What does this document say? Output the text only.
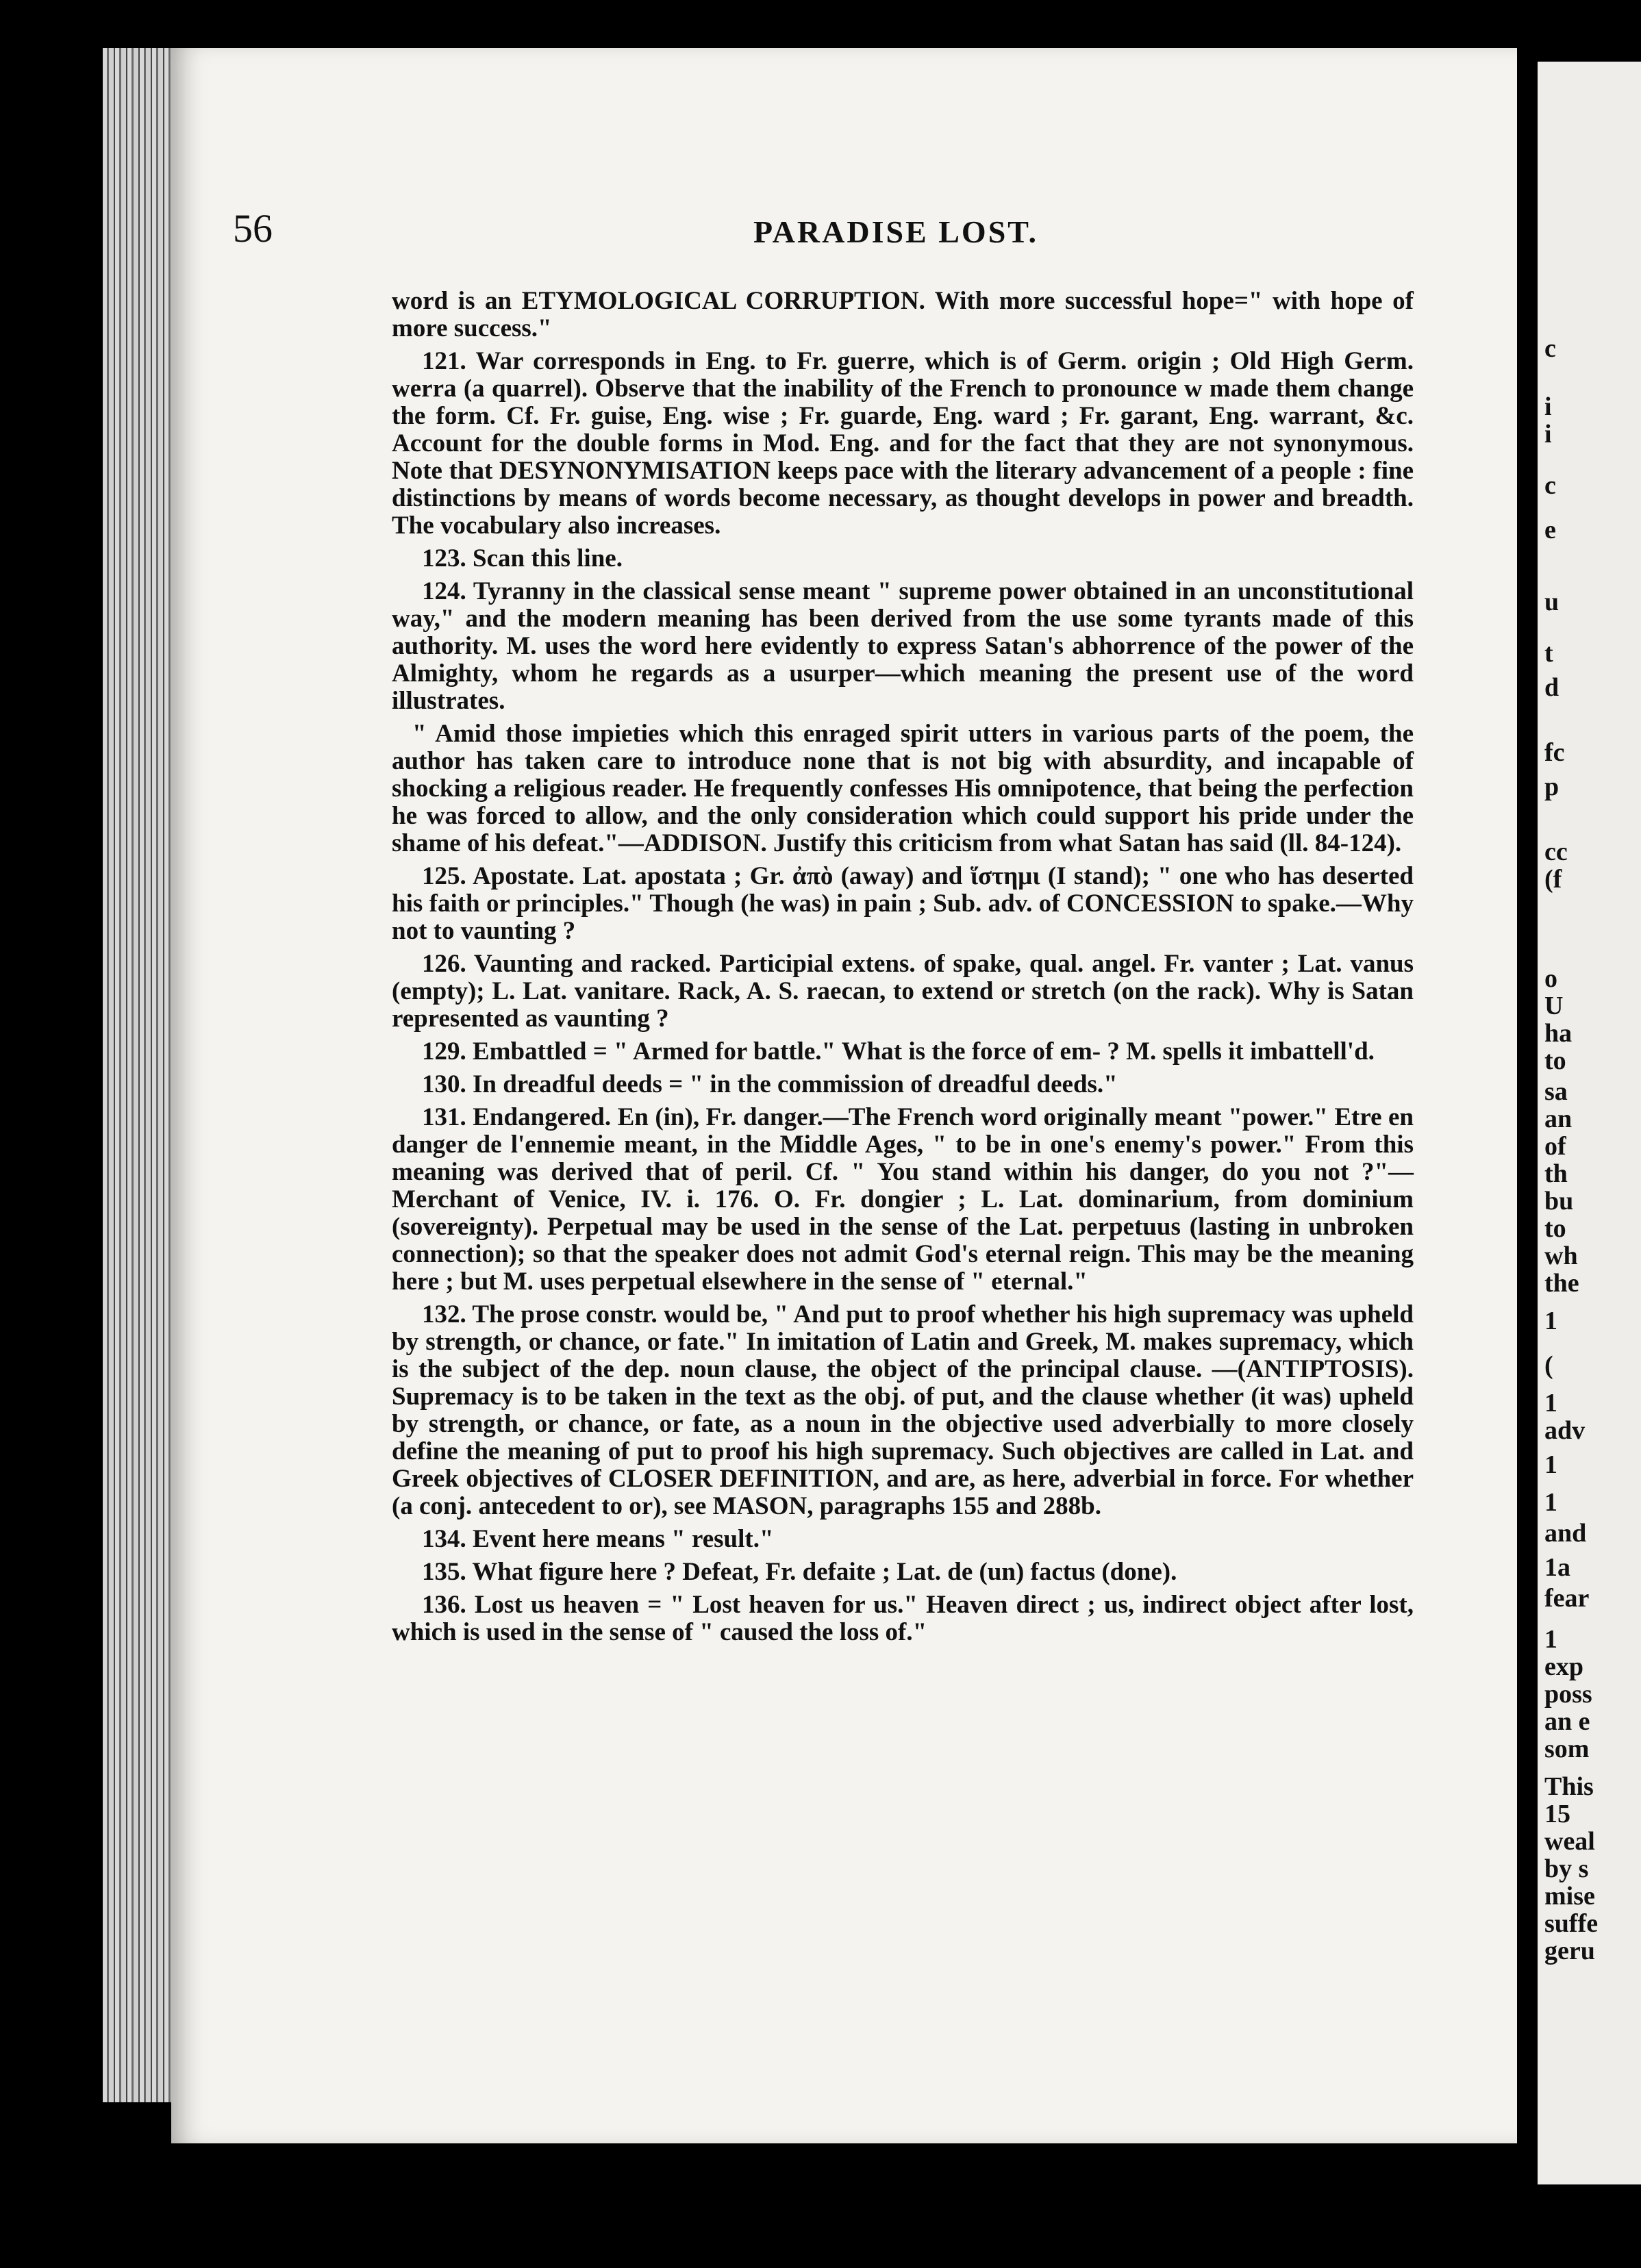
56	PARADISE LOST.

word is an ETYMOLOGICAL CORRUPTION. With more successful hope=" with hope of more success."

121. War corresponds in Eng. to Fr. guerre, which is of Germ. origin ; Old High Germ. werra (a quarrel). Observe that the inability of the French to pronounce w made them change the form. Cf. Fr. guise, Eng. wise ; Fr. guarde, Eng. ward ; Fr. garant, Eng. warrant, &c. Account for the double forms in Mod. Eng. and for the fact that they are not synonymous. Note that DESYNONYMISATION keeps pace with the literary advancement of a people : fine distinctions by means of words become necessary, as thought develops in power and breadth. The vocabulary also increases.

123. Scan this line.

124. Tyranny in the classical sense meant " supreme power obtained in an unconstitutional way," and the modern meaning has been derived from the use some tyrants made of this authority. M. uses the word here evidently to express Satan's abhorrence of the power of the Almighty, whom he regards as a usurper—which meaning the present use of the word illustrates.

" Amid those impieties which this enraged spirit utters in various parts of the poem, the author has taken care to introduce none that is not big with absurdity, and incapable of shocking a religious reader. He frequently confesses His omnipotence, that being the perfection he was forced to allow, and the only consideration which could support his pride under the shame of his defeat."—ADDISON. Justify this criticism from what Satan has said (ll. 84-124).

125. Apostate. Lat. apostata ; Gr. ἀπὸ (away) and ἵστημι (I stand); " one who has deserted his faith or principles." Though (he was) in pain ; Sub. adv. of CONCESSION to spake.—Why not to vaunting ?

126. Vaunting and racked. Participial extens. of spake, qual. angel. Fr. vanter ; Lat. vanus (empty); L. Lat. vanitare. Rack, A. S. raecan, to extend or stretch (on the rack). Why is Satan represented as vaunting ?

129. Embattled = " Armed for battle." What is the force of em- ? M. spells it imbattell'd.

130. In dreadful deeds = " in the commission of dreadful deeds."

131. Endangered. En (in), Fr. danger.—The French word originally meant "power." Etre en danger de l'ennemie meant, in the Middle Ages, " to be in one's enemy's power." From this meaning was derived that of peril. Cf. " You stand within his danger, do you not ?"—Merchant of Venice, IV. i. 176. O. Fr. dongier ; L. Lat. dominarium, from dominium (sovereignty). Perpetual may be used in the sense of the Lat. perpetuus (lasting in unbroken connection); so that the speaker does not admit God's eternal reign. This may be the meaning here ; but M. uses perpetual elsewhere in the sense of " eternal."

132. The prose constr. would be, " And put to proof whether his high supremacy was upheld by strength, or chance, or fate." In imitation of Latin and Greek, M. makes supremacy, which is the subject of the dep. noun clause, the object of the principal clause. —(ANTIPTOSIS). Supremacy is to be taken in the text as the obj. of put, and the clause whether (it was) upheld by strength, or chance, or fate, as a noun in the objective used adverbially to more closely define the meaning of put to proof his high supremacy. Such objectives are called in Lat. and Greek objectives of CLOSER DEFINITION, and are, as here, adverbial in force. For whether (a conj. antecedent to or), see MASON, paragraphs 155 and 288b.

134. Event here means " result."

135. What figure here ? Defeat, Fr. defaite ; Lat. de (un) factus (done).

136. Lost us heaven = " Lost heaven for us." Heaven direct ; us, indirect object after lost, which is used in the sense of " caused the loss of."

c
i
i
c
e
u
t
d
fc
p
cc
(f
o
U
ha
to
sa
an
of
th
bu
to
wh
the
1
(
1
adv
1
1
and
1a
fear
1
exp
poss
an e
som
This
15
weal
by s
mise
suffe
geru
